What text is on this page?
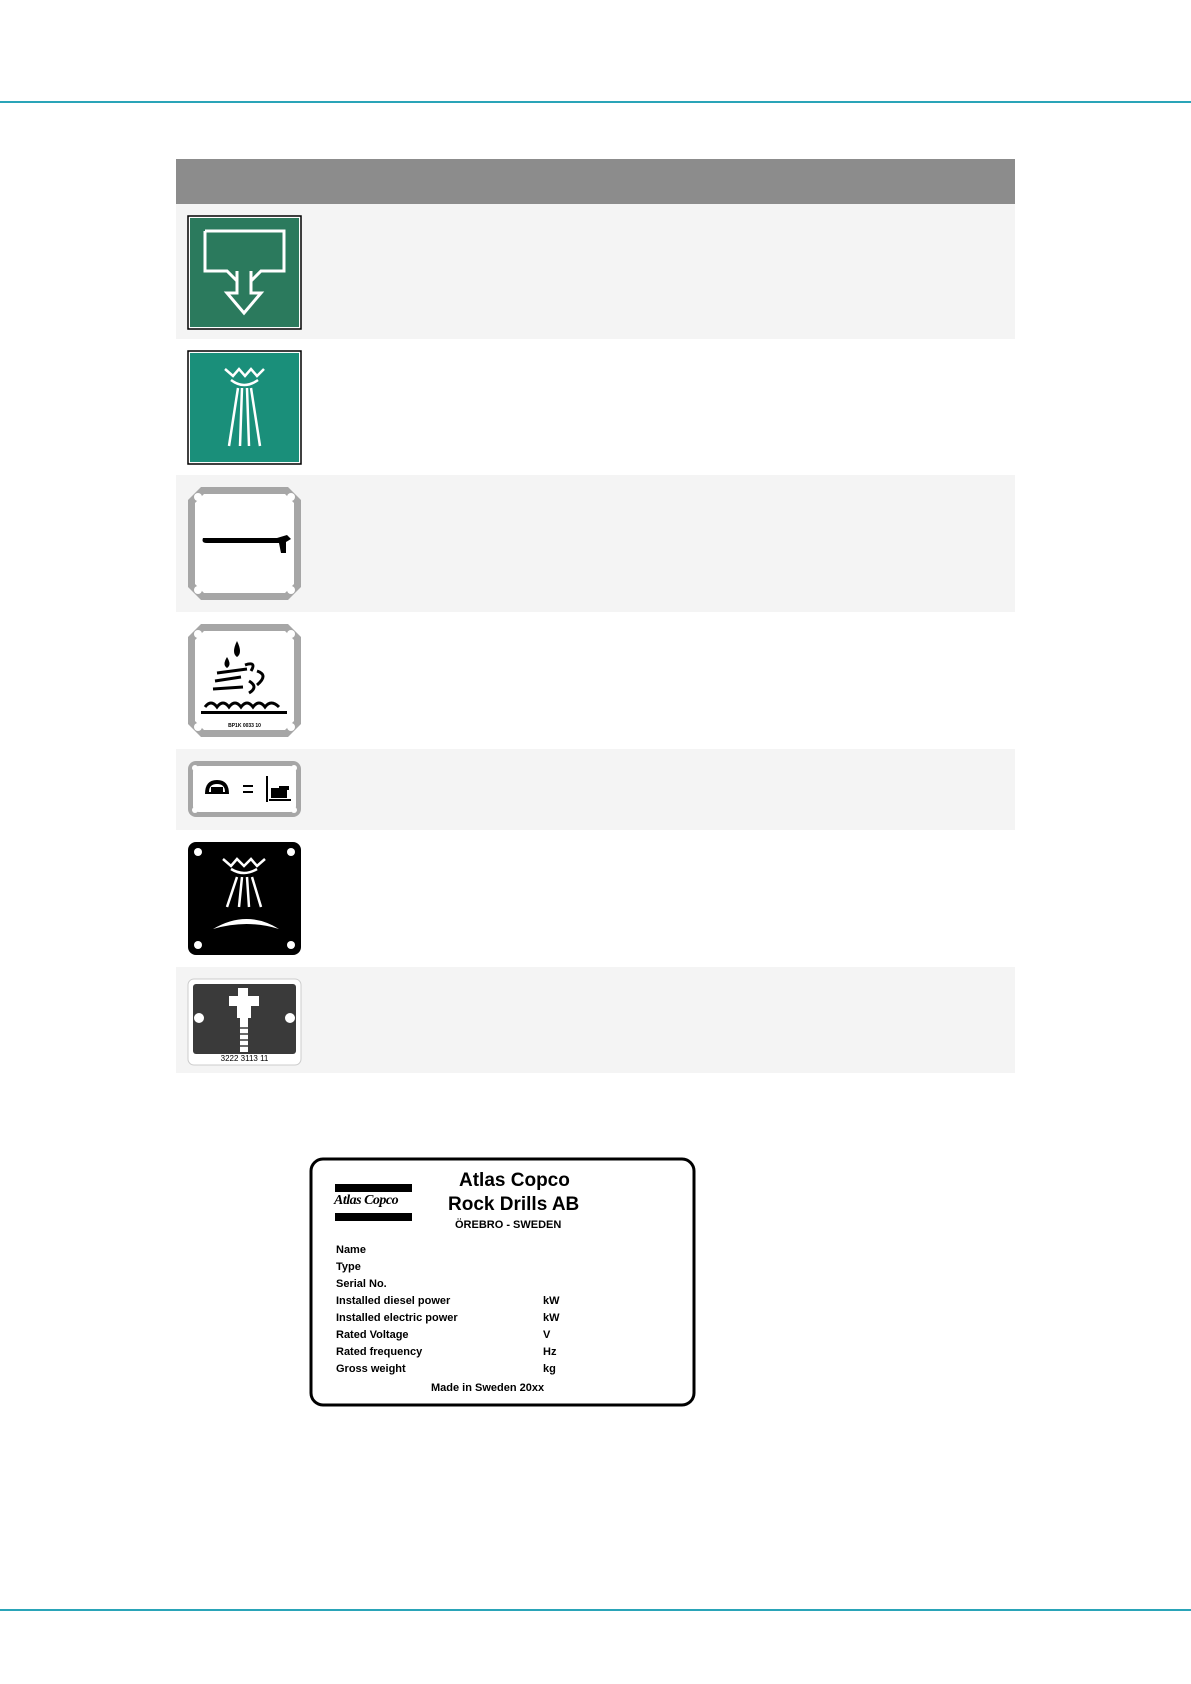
BP1K 0033 10
3222 3113 11
Atlas Copco
Atlas Copco
Rock Drills AB
ÖREBRO - SWEDEN
Name
Type
Serial No.
Installed diesel power
Installed electric power
Rated Voltage
Rated frequency
Gross weight
kW
kW
V
Hz
kg
Made in Sweden 20xx
